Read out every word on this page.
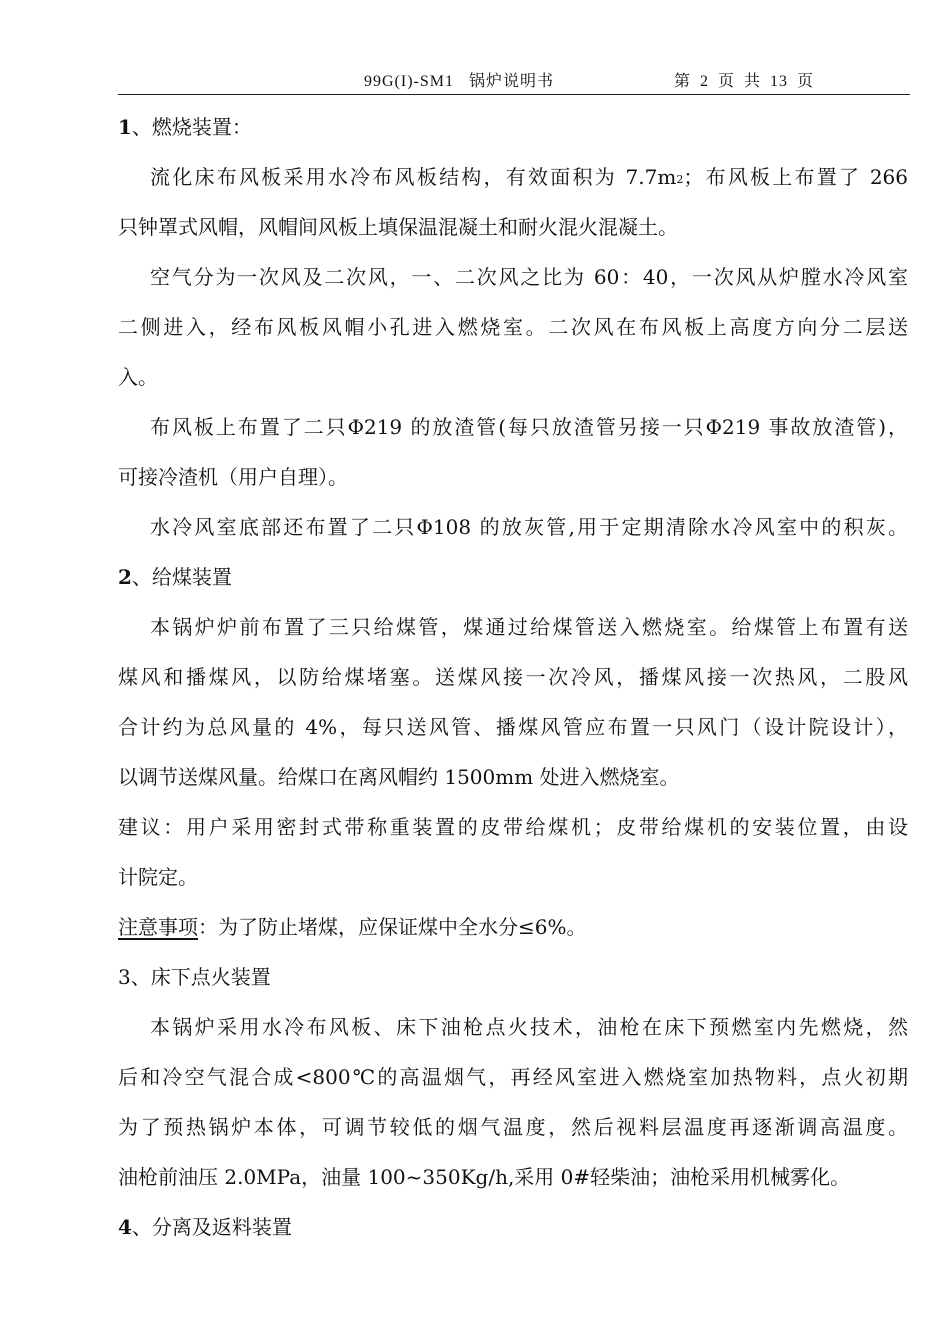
99G(I)-SM1 锅炉说明书	第 2 页 共 13 页
1、燃烧装置：
流化床布风板采用水冷布风板结构，有效面积为 $7.7m^2$；布风板上布置了 266
只钟罩式风帽，风帽间风板上填保温混凝土和耐火混火混凝土。
空气分为一次风及二次风，一、二次风之比为 60：40，一次风从炉膛水冷风室
二侧进入，经布风板风帽小孔进入燃烧室。二次风在布风板上高度方向分二层送
入。
布风板上布置了二只Φ219 的放渣管(每只放渣管另接一只Φ219 事故放渣管)，
可接冷渣机（用户自理）。
水冷风室底部还布置了二只Φ108 的放灰管,用于定期清除水冷风室中的积灰。
2、给煤装置
本锅炉炉前布置了三只给煤管，煤通过给煤管送入燃烧室。给煤管上布置有送
煤风和播煤风，以防给煤堵塞。送煤风接一次冷风，播煤风接一次热风，二股风
合计约为总风量的 4%，每只送风管、播煤风管应布置一只风门（设计院设计），
以调节送煤风量。给煤口在离风帽约 1500mm 处进入燃烧室。
建议：用户采用密封式带称重装置的皮带给煤机；皮带给煤机的安装位置，由设
计院定。
注意事项：为了防止堵煤，应保证煤中全水分≤6%。
3、床下点火装置
本锅炉采用水冷布风板、床下油枪点火技术，油枪在床下预燃室内先燃烧，然
后和冷空气混合成<800℃的高温烟气，再经风室进入燃烧室加热物料，点火初期
为了预热锅炉本体，可调节较低的烟气温度，然后视料层温度再逐渐调高温度。
油枪前油压 2.0MPa，油量 100~350Kg/h,采用 0#轻柴油；油枪采用机械雾化。
4、分离及返料装置
